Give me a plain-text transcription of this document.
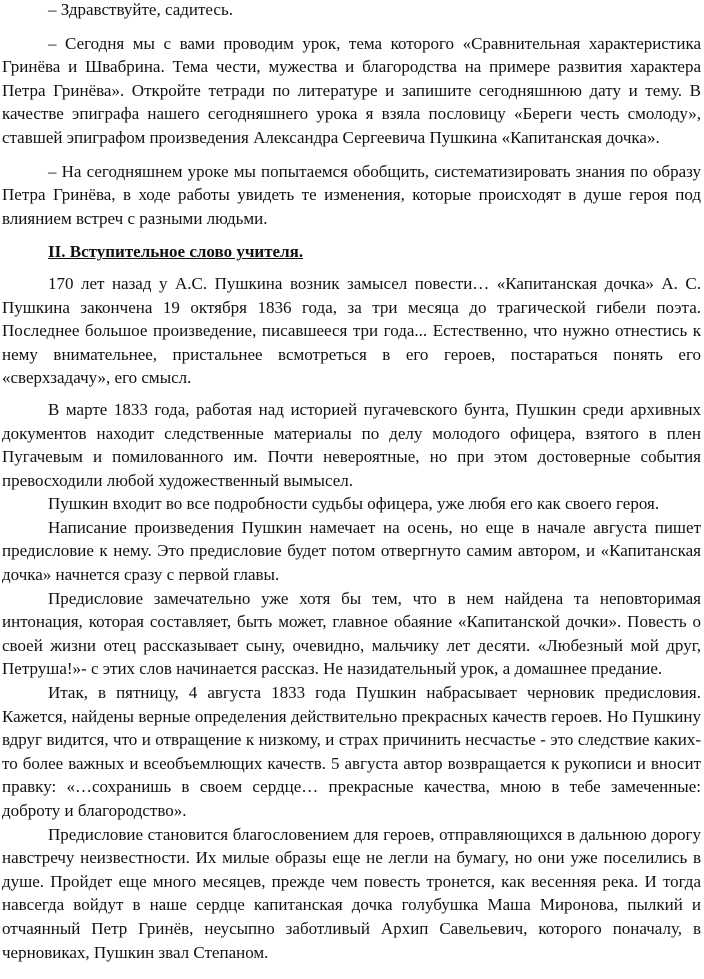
– Здравствуйте, садитесь.

– Сегодня мы с вами проводим урок, тема которого «Сравнительная характеристика Гринёва и Швабрина. Тема чести, мужества и благородства на примере развития характера Петра Гринёва». Откройте тетради по литературе и запишите сегодняшнюю дату и тему. В качестве эпиграфа нашего сегодняшнего урока я взяла пословицу «Береги честь смолоду», ставшей эпиграфом произведения Александра Сергеевича Пушкина «Капитанская дочка».

– На сегодняшнем уроке мы попытаемся обобщить, систематизировать знания по образу Петра Гринёва, в ходе работы увидеть те изменения, которые происходят в душе героя под влиянием встреч с разными людьми.

II. Вступительное слово учителя.

170 лет назад у А.С. Пушкина возник замысел повести… «Капитанская дочка» А. С. Пушкина закончена 19 октября 1836 года, за три месяца до трагической гибели поэта. Последнее большое произведение, писавшееся три года... Естественно, что нужно отнестись к нему внимательнее, пристальнее всмотреться в его героев, постараться понять его «сверхзадачу», его смысл.

В марте 1833 года, работая над историей пугачевского бунта, Пушкин среди архивных документов находит следственные материалы по делу молодого офицера, взятого в плен Пугачевым и помилованного им. Почти невероятные, но при этом достоверные события превосходили любой художественный вымысел.

Пушкин входит во все подробности судьбы офицера, уже любя его как своего героя.

Написание произведения Пушкин намечает на осень, но еще в начале августа пишет предисловие к нему. Это предисловие будет потом отвергнуто самим автором, и «Капитанская дочка» начнется сразу с первой главы.

Предисловие замечательно уже хотя бы тем, что в нем найдена та неповторимая интонация, которая составляет, быть может, главное обаяние «Капитанской дочки». Повесть о своей жизни отец рассказывает сыну, очевидно, мальчику лет десяти. «Любезный мой друг, Петруша!»- с этих слов начинается рассказ. Не назидательный урок, а домашнее предание.

Итак, в пятницу, 4 августа 1833 года Пушкин набрасывает черновик предисловия. Кажется, найдены верные определения действительно прекрасных качеств героев. Но Пушкину вдруг видится, что и отвращение к низкому, и страх причинить несчастье - это следствие каких-то более важных и всеобъемлющих качеств. 5 августа автор возвращается к рукописи и вносит правку: «…сохранишь в своем сердце… прекрасные качества, мною в тебе замеченные: доброту и благородство».

Предисловие становится благословением для героев, отправляющихся в дальнюю дорогу навстречу неизвестности. Их милые образы еще не легли на бумагу, но они уже поселились в душе. Пройдет еще много месяцев, прежде чем повесть тронется, как весенняя река. И тогда навсегда войдут в наше сердце капитанская дочка голубушка Маша Миронова, пылкий и отчаянный Петр Гринёв, неусыпно заботливый Архип Савельевич, которого поначалу, в черновиках, Пушкин звал Степаном.
